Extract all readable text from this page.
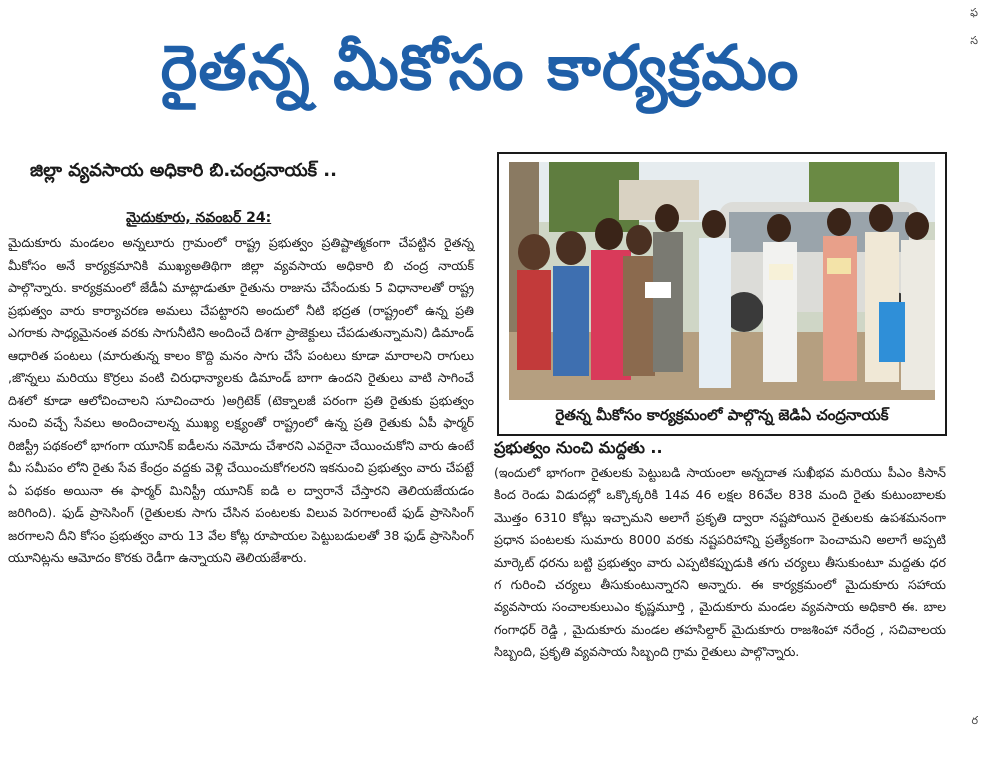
రైతన్న మీకోసం కార్యక్రమం
ఫ
స
ర
జిల్లా వ్యవసాయ అధికారి బి.చంద్రనాయక్ ..
మైదుకూరు, నవంబర్ 24:

మైదుకూరు మండలం అన్నలూరు గ్రామంలో రాష్ట్ర ప్రభుత్వం ప్రతిష్టాత్మకంగా చేపట్టిన రైతన్న మీకోసం అనే కార్యక్రమానికి ముఖ్యఅతిథిగా జిల్లా వ్యవసాయ అధికారి బి చంద్ర నాయక్ పాల్గొన్నారు. కార్యక్రమంలో జేడీఏ మాట్లాడుతూ రైతును రాజును చేసేందుకు 5 విధానాలతో రాష్ట్ర ప్రభుత్వం వారు కార్యాచరణ అమలు చేపట్టారని అందులో నీటి భద్రత (రాష్ట్రంలో ఉన్న ప్రతి ఎగరాకు సాధ్యమైనంత వరకు సాగునీటిని అందించే దిశగా ప్రాజెక్టులు చేపడుతున్నామని) డిమాండ్ ఆధారిత పంటలు (మారుతున్న కాలం కొద్ది మనం సాగు చేసే పంటలు కూడా మారాలని రాగులు ,జొన్నలు మరియు కొర్రలు వంటి చిరుధాన్యాలకు డిమాండ్ బాగా ఉందని రైతులు వాటి సాగించే దిశలో కూడా ఆలోచించాలని సూచించారు )అగ్రిటెక్ (టెక్నాలజీ పరంగా ప్రతి రైతుకు ప్రభుత్వం నుంచి వచ్చే సేవలు అందించాలన్న ముఖ్య లక్ష్యంతో రాష్ట్రంలో ఉన్న ప్రతి రైతుకు ఏపీ ఫార్మర్ రిజిస్ట్రీ పథకంలో భాగంగా యూనిక్ ఐడీలను నమోదు చేశారని ఎవరైనా చేయించుకోని వారు ఉంటే మీ సమీపం లోని రైతు సేవ కేంద్రం వద్దకు వెళ్లి చేయించుకోగలరని ఇకనుంచి ప్రభుత్వం వారు చేపట్టే ఏ పథకం అయినా ఈ ఫార్మర్ మినిస్ట్రీ యూనిక్ ఐడి ల ద్వారానే చేస్తారని తెలియజేయడం జరిగింది). ఫుడ్ ప్రాసెసింగ్ (రైతులకు సాగు చేసిన పంటలకు విలువ పెరగాలంటే ఫుడ్ ప్రాసెసింగ్ జరగాలని దీని కోసం ప్రభుత్వం వారు 13 వేల కోట్ల రూపాయల పెట్టుబడులతో 38 ఫుడ్ ప్రాసెసింగ్ యూనిట్లను ఆమోదం కొరకు రెడీగా ఉన్నాయని తెలియజేశారు.

రైతన్న మీకోసం కార్యక్రమంలో పాల్గొన్న జెడిఏ చంద్రనాయక్
ప్రభుత్వం నుంచి మద్దతు ..

(ఇందులో భాగంగా రైతులకు పెట్టుబడి సాయంలా అన్నదాత సుఖీభవ మరియు పీఎం కిసాన్ కింద రెండు విడుదల్లో ఒక్కొక్కరికి 14వ 46 లక్షల 86వేల 838 మంది రైతు కుటుంబాలకు మొత్తం 6310 కోట్లు ఇచ్చామని అలాగే ప్రకృతి ద్వారా నష్టపోయిన రైతులకు ఉపశమనంగా ప్రధాన పంటలకు సుమారు 8000 వరకు నష్టపరిహాన్ని ప్రత్యేకంగా పెంచామని అలాగే అప్పటి మార్కెట్ ధరను బట్టి ప్రభుత్వం వారు ఎప్పటికప్పుడుకి తగు చర్యలు తీసుకుంటూ మద్దతు ధర గ గురించి చర్యలు తీసుకుంటున్నారని అన్నారు. ఈ కార్యక్రమంలో మైదుకూరు సహాయ వ్యవసాయ సంచాలకులుఎం కృష్ణమూర్తి , మైదుకూరు మండల వ్యవసాయ అధికారి ఈ. బాల గంగాధర్ రెడ్డి , మైదుకూరు మండల తహసిల్దార్ మైదుకూరు రాజశింహా నరేంద్ర , సచివాలయ సిబ్బంది, ప్రకృతి వ్యవసాయ సిబ్బంది గ్రామ రైతులు పాల్గొన్నారు.
